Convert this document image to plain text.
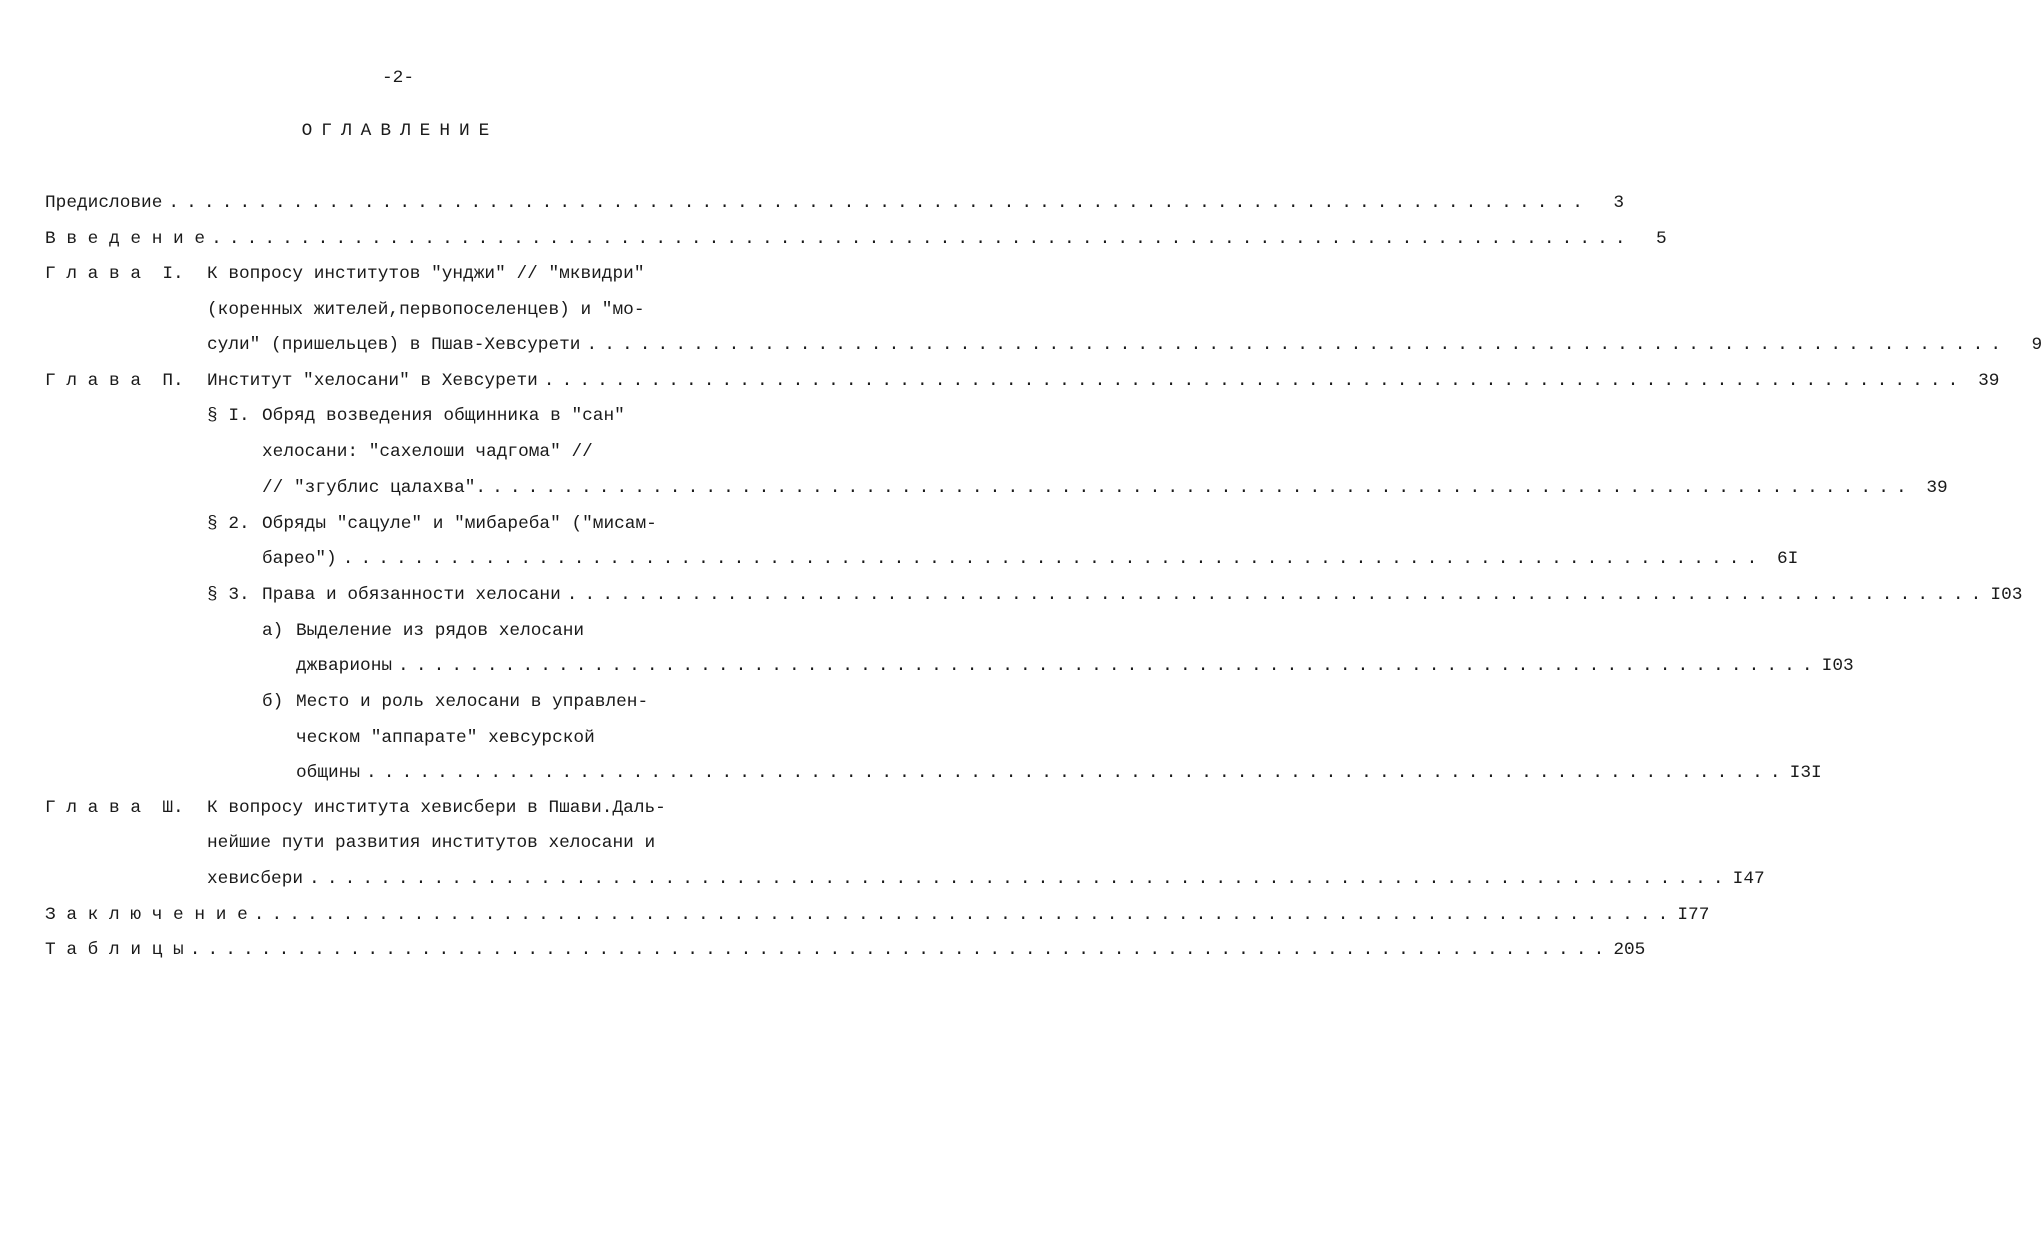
-2-
ОГЛАВЛЕНИЕ
Предисловие ................................................................................	3
В в е д е н и е ................................................................................	5
Г л а в а  I. К вопросу институтов "унджи" // "мквидри"
(коренных жителей,первопоселенцев) и "мо-
сули" (пришельцев) в Пшав-Хевсурети ................................................................................	9
Г л а в а  П. Институт "хелосани" в Хевсурети ................................................................................ 39
§ I. Обряд возведения общинника в "сан"
хелосани: "сахелоши чадгома" //
// "згублис цалахва". ................................................................................ 39
§ 2. Обряды "сацуле" и "мибареба" ("мисам-
барео") ................................................................................ 6I
§ 3. Права и обязанности хелосани ................................................................................ I03
а) Выделение из рядов хелосани
джварионы ................................................................................ I03
б) Место и роль хелосани в управлен-
ческом "аппарате" хевсурской
общины ................................................................................ I3I
Г л а в а  Ш. К вопросу института хевисбери в Пшави.Даль-
нейшие пути развития институтов хелосани и
хевисбери ................................................................................ I47
З а к л ю ч е н и е ................................................................................ I77
Т а б л и ц ы ................................................................................ 205
